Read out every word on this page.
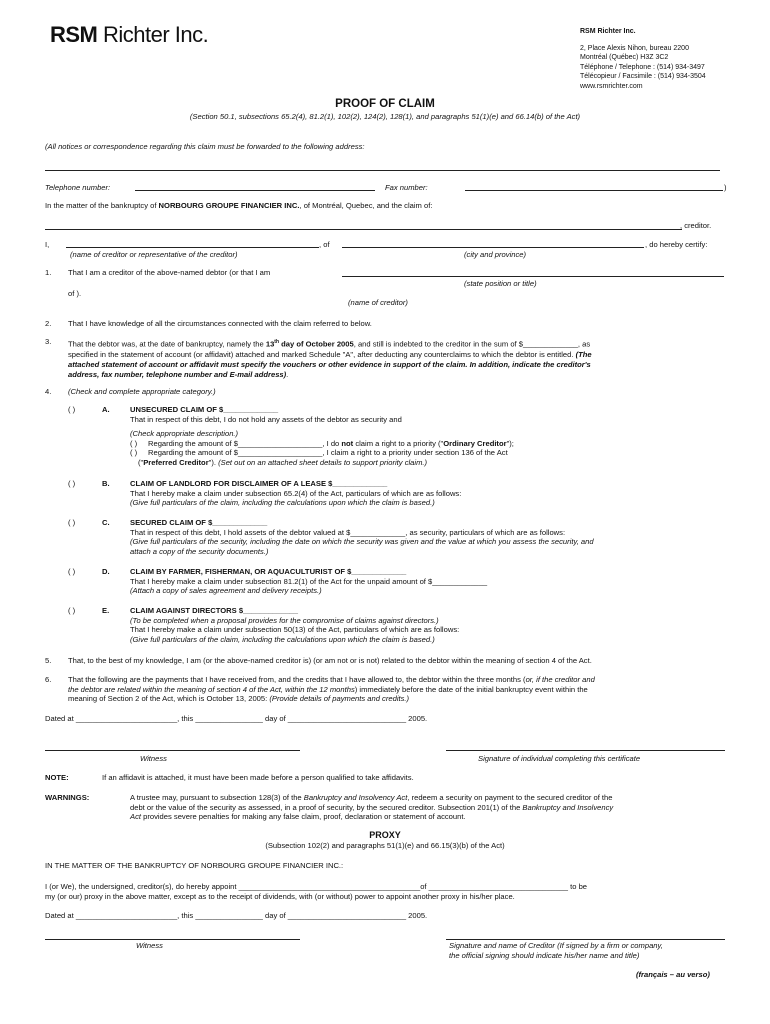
RSM Richter Inc.	RSM Richter Inc.
2, Place Alexis Nihon, bureau 2200
Montréal (Québec) H3Z 3C2
Téléphone / Telephone : (514) 934-3497
Télécopieur / Facsimile : (514) 934-3504
www.rsmrichter.com
PROOF OF CLAIM
(Section 50.1, subsections 65.2(4), 81.2(1), 102(2), 124(2), 128(1), and paragraphs 51(1)(e) and 66.14(b) of the Act)
(All notices or correspondence regarding this claim must be forwarded to the following address:
Telephone number:	Fax number:	)
In the matter of the bankruptcy of NORBOURG GROUPE FINANCIER INC., of Montréal, Quebec, and the claim of:
, creditor.
I,	, of	, do hereby certify:
(name of creditor or representative of the creditor)	(city and province)
1. That I am a creditor of the above-named debtor (or that I am
(state position or title)
of ).
(name of creditor)
2. That I have knowledge of all the circumstances connected with the claim referred to below.
3. That the debtor was, at the date of bankruptcy, namely the 13th day of October 2005, and still is indebted to the creditor in the sum of $_____________, as
specified in the statement of account (or affidavit) attached and marked Schedule "A", after deducting any counterclaims to which the debtor is entitled. (The
attached statement of account or affidavit must specify the vouchers or other evidence in support of the claim. In addition, indicate the creditor's
address, fax number, telephone number and E-mail address).
4. (Check and complete appropriate category.)
( )	A.	UNSECURED CLAIM OF $_____________
That in respect of this debt, I do not hold any assets of the debtor as security and
(Check appropriate description.)
( ) Regarding the amount of $____________________, I do not claim a right to a priority ("Ordinary Creditor");
( ) Regarding the amount of $____________________, I claim a right to a priority under section 136 of the Act
("Preferred Creditor"). (Set out on an attached sheet details to support priority claim.)
( )	B.	CLAIM OF LANDLORD FOR DISCLAIMER OF A LEASE $_____________
That I hereby make a claim under subsection 65.2(4) of the Act, particulars of which are as follows:
(Give full particulars of the claim, including the calculations upon which the claim is based.)
( )	C.	SECURED CLAIM OF $_____________
That in respect of this debt, I hold assets of the debtor valued at $_____________, as security, particulars of which are as follows:
(Give full particulars of the security, including the date on which the security was given and the value at which you assess the security, and
attach a copy of the security documents.)
( )	D.	CLAIM BY FARMER, FISHERMAN, OR AQUACULTURIST OF $_____________
That I hereby make a claim under subsection 81.2(1) of the Act for the unpaid amount of $_____________
(Attach a copy of sales agreement and delivery receipts.)
( )	E.	CLAIM AGAINST DIRECTORS $_____________
(To be completed when a proposal provides for the compromise of claims against directors.)
That I hereby make a claim under subsection 50(13) of the Act, particulars of which are as follows:
(Give full particulars of the claim, including the calculations upon which the claim is based.)
5. That, to the best of my knowledge, I am (or the above-named creditor is) (or am not or is not) related to the debtor within the meaning of section 4 of the Act.
6. That the following are the payments that I have received from, and the credits that I have allowed to, the debtor within the three months (or, if the creditor and
the debtor are related within the meaning of section 4 of the Act, within the 12 months) immediately before the date of the initial bankruptcy event within the
meaning of Section 2 of the Act, which is October 13, 2005: (Provide details of payments and credits.)
Dated at ________________________, this ________________ day of ____________________________ 2005.
Witness	Signature of individual completing this certificate
NOTE:	If an affidavit is attached, it must have been made before a person qualified to take affidavits.
WARNINGS:	A trustee may, pursuant to subsection 128(3) of the Bankruptcy and Insolvency Act, redeem a security on payment to the secured creditor of the
debt or the value of the security as assessed, in a proof of security, by the secured creditor. Subsection 201(1) of the Bankruptcy and Insolvency
Act provides severe penalties for making any false claim, proof, declaration or statement of account.
PROXY
(Subsection 102(2) and paragraphs 51(1)(e) and 66.15(3)(b) of the Act)
IN THE MATTER OF THE BANKRUPTCY OF NORBOURG GROUPE FINANCIER INC.:
I (or We), the undersigned, creditor(s), do hereby appoint ___________________________________________of _________________________________ to be
my (or our) proxy in the above matter, except as to the receipt of dividends, with (or without) power to appoint another proxy in his/her place.
Dated at ________________________, this ________________ day of ____________________________ 2005.
Witness	Signature and name of Creditor (If signed by a firm or company,
the official signing should indicate his/her name and title)
(français – au verso)
